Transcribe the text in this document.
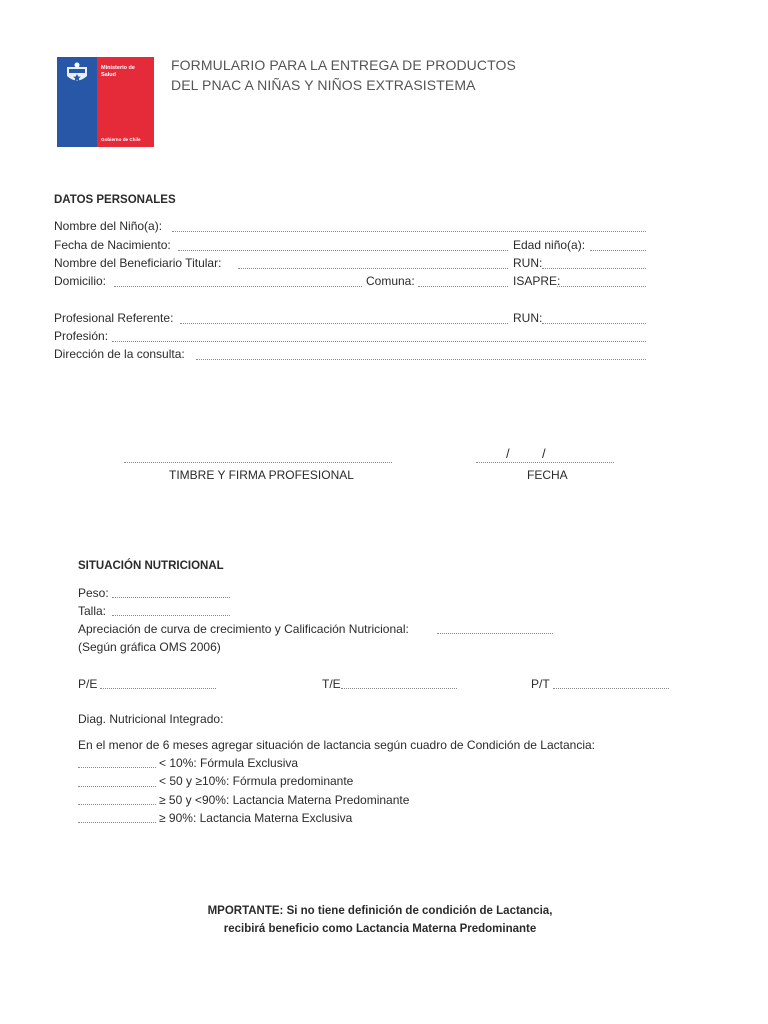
Ministerio de
Salud
Gobierno de Chile
FORMULARIO PARA LA ENTREGA DE PRODUCTOS
DEL PNAC A NIÑAS Y NIÑOS EXTRASISTEMA
DATOS PERSONALES
Nombre del Niño(a):
Fecha de Nacimiento:	Edad niño(a):
Nombre del Beneficiario Titular:	RUN:
Domicilio:	Comuna:	ISAPRE:
Profesional Referente:	RUN:
Profesión:
Dirección de la consulta:
TIMBRE Y FIRMA PROFESIONAL
/ /
FECHA
SITUACIÓN NUTRICIONAL
Peso:
Talla:
Apreciación de curva de crecimiento y Calificación Nutricional:
(Según gráfica OMS 2006)
P/E	T/E	P/T
Diag. Nutricional Integrado:
En el menor de 6 meses agregar situación de lactancia según cuadro de Condición de Lactancia:
< 10%: Fórmula Exclusiva
< 50 y ≥10%: Fórmula predominante
≥ 50 y <90%: Lactancia Materna Predominante
≥ 90%: Lactancia Materna Exclusiva
MPORTANTE: Si no tiene definición de condición de Lactancia,
recibirá beneficio como Lactancia Materna Predominante
